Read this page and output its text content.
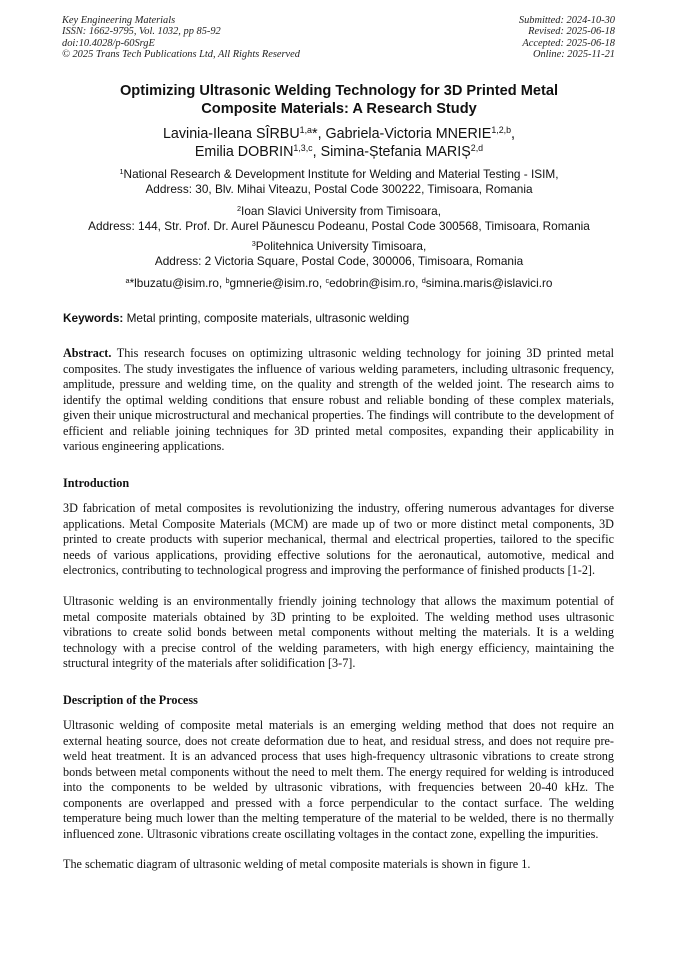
Key Engineering Materials
ISSN: 1662-9795, Vol. 1032, pp 85-92
doi:10.4028/p-60SrgE
© 2025 Trans Tech Publications Ltd, All Rights Reserved
Submitted: 2024-10-30
Revised: 2025-06-18
Accepted: 2025-06-18
Online: 2025-11-21
Optimizing Ultrasonic Welding Technology for 3D Printed Metal
Composite Materials: A Research Study
Lavinia-Ileana SÎRBU$^{1,a}$*, Gabriela-Victoria MNERIE$^{1,2,b}$,
Emilia DOBRIN$^{1,3,c}$, Simina-Ștefania MARIȘ$^{2,d}$
$^1$National Research & Development Institute for Welding and Material Testing - ISIM,
Address: 30, Blv. Mihai Viteazu, Postal Code 300222, Timisoara, Romania
$^2$Ioan Slavici University from Timisoara,
Address: 144, Str. Prof. Dr. Aurel Păunescu Podeanu, Postal Code 300568, Timisoara, Romania
$^3$Politehnica University Timisoara,
Address: 2 Victoria Square, Postal Code, 300006, Timisoara, Romania
$^a$*lbuzatu@isim.ro, $^b$gmnerie@isim.ro, $^c$edobrin@isim.ro, $^d$simina.maris@islavici.ro
Keywords: Metal printing, composite materials, ultrasonic welding
Abstract. This research focuses on optimizing ultrasonic welding technology for joining 3D printed metal composites. The study investigates the influence of various welding parameters, including ultrasonic frequency, amplitude, pressure and welding time, on the quality and strength of the welded joint. The research aims to identify the optimal welding conditions that ensure robust and reliable bonding of these complex materials, given their unique microstructural and mechanical properties. The findings will contribute to the development of efficient and reliable joining techniques for 3D printed metal composites, expanding their applicability in various engineering applications.
Introduction
3D fabrication of metal composites is revolutionizing the industry, offering numerous advantages for diverse applications. Metal Composite Materials (MCM) are made up of two or more distinct metal components, 3D printed to create products with superior mechanical, thermal and electrical properties, tailored to the specific needs of various applications, providing effective solutions for the aeronautical, automotive, medical and electronics, contributing to technological progress and improving the performance of finished products [1-2].
Ultrasonic welding is an environmentally friendly joining technology that allows the maximum potential of metal composite materials obtained by 3D printing to be exploited. The welding method uses ultrasonic vibrations to create solid bonds between metal components without melting the materials. It is a welding technology with a precise control of the welding parameters, with high energy efficiency, maintaining the structural integrity of the materials after solidification [3-7].
Description of the Process
Ultrasonic welding of composite metal materials is an emerging welding method that does not require an external heating source, does not create deformation due to heat, and residual stress, and does not require pre-weld heat treatment. It is an advanced process that uses high-frequency ultrasonic vibrations to create strong bonds between metal components without the need to melt them. The energy required for welding is introduced into the components to be welded by ultrasonic vibrations, with frequencies between 20-40 kHz. The components are overlapped and pressed with a force perpendicular to the contact surface. The welding temperature being much lower than the melting temperature of the material to be welded, there is no thermally influenced zone. Ultrasonic vibrations create oscillating voltages in the contact zone, expelling the impurities.
The schematic diagram of ultrasonic welding of metal composite materials is shown in figure 1.
